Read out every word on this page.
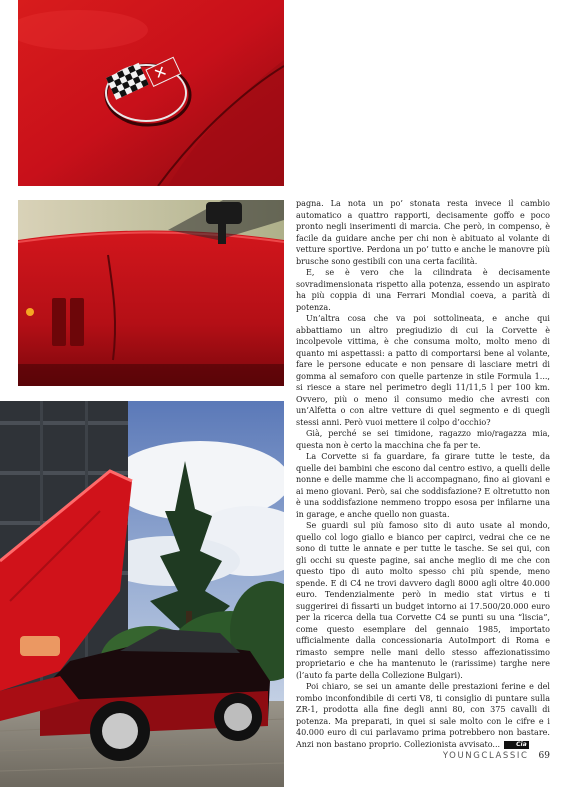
pagna. La nota un po’ stonata resta invece il cambio automatico a quattro rapporti, decisamente goffo e poco pronto negli inserimenti di marcia. Che però, in compenso, è facile da guidare anche per chi non è abituato al volante di vetture sportive. Perdona un po’ tutto e anche le manovre più brusche sono gestibili con una certa facilità.

E, se è vero che la cilindrata è decisamente sovradimensionata rispetto alla potenza, essendo un aspirato ha più coppia di una Ferrari Mondial coeva, a parità di potenza.

Un’altra cosa che va poi sottolineata, e anche qui abbattiamo un altro pregiudizio di cui la Corvette è incolpevole vittima, è che consuma molto, molto meno di quanto mi aspettassi: a patto di comportarsi bene al volante, fare le persone educate e non pensare di lasciare metri di gomma al semaforo con quelle partenze in stile Formula 1..., si riesce a stare nel perimetro degli 11/11,5 l per 100 km. Ovvero, più o meno il consumo medio che avresti con un’Alfetta o con altre vetture di quel segmento e di quegli stessi anni. Però vuoi mettere il colpo d’occhio?

Già, perché se sei timidone, ragazzo mio/ragazza mia, questa non è certo la macchina che fa per te.

La Corvette si fa guardare, fa girare tutte le teste, da quelle dei bambini che escono dal centro estivo, a quelli delle nonne e delle mamme che li accompagnano, fino ai giovani e ai meno giovani. Però, sai che soddisfazione? E oltretutto non è una soddisfazione nemmeno troppo esosa per infilarne una in garage, e anche quello non guasta.

Se guardi sul più famoso sito di auto usate al mondo, quello col logo giallo e bianco per capirci, vedrai che ce ne sono di tutte le annate e per tutte le tasche. Se sei qui, con gli occhi su queste pagine, sai anche meglio di me che con questo tipo di auto molto spesso chi più spende, meno spende. E di C4 ne trovi davvero dagli 8000 agli oltre 40.000 euro. Tendenzialmente però in medio stat virtus e ti suggerirei di fissarti un budget intorno ai 17.500/20.000 euro per la ricerca della tua Corvette C4 se punti su una “liscia”, come questo esemplare del gennaio 1985, importato ufficialmente dalla concessionaria AutoImport di Roma e rimasto sempre nelle mani dello stesso affezionatissimo proprietario e che ha mantenuto le (rarissime) targhe nere (l’auto fa parte della Collezione Bulgari).

Poi chiaro, se sei un amante delle prestazioni ferine e del rombo inconfondibile di certi V8, ti consiglio di puntare sulla ZR-1, prodotta alla fine degli anni 80, con 375 cavalli di potenza. Ma preparati, in quei si sale molto con le cifre e i 40.000 euro di cui parlavamo prima potrebbero non bastare. Anzi non bastano proprio. Collezionista avvisato...	Cia

YOUNGCLASSIC 69
